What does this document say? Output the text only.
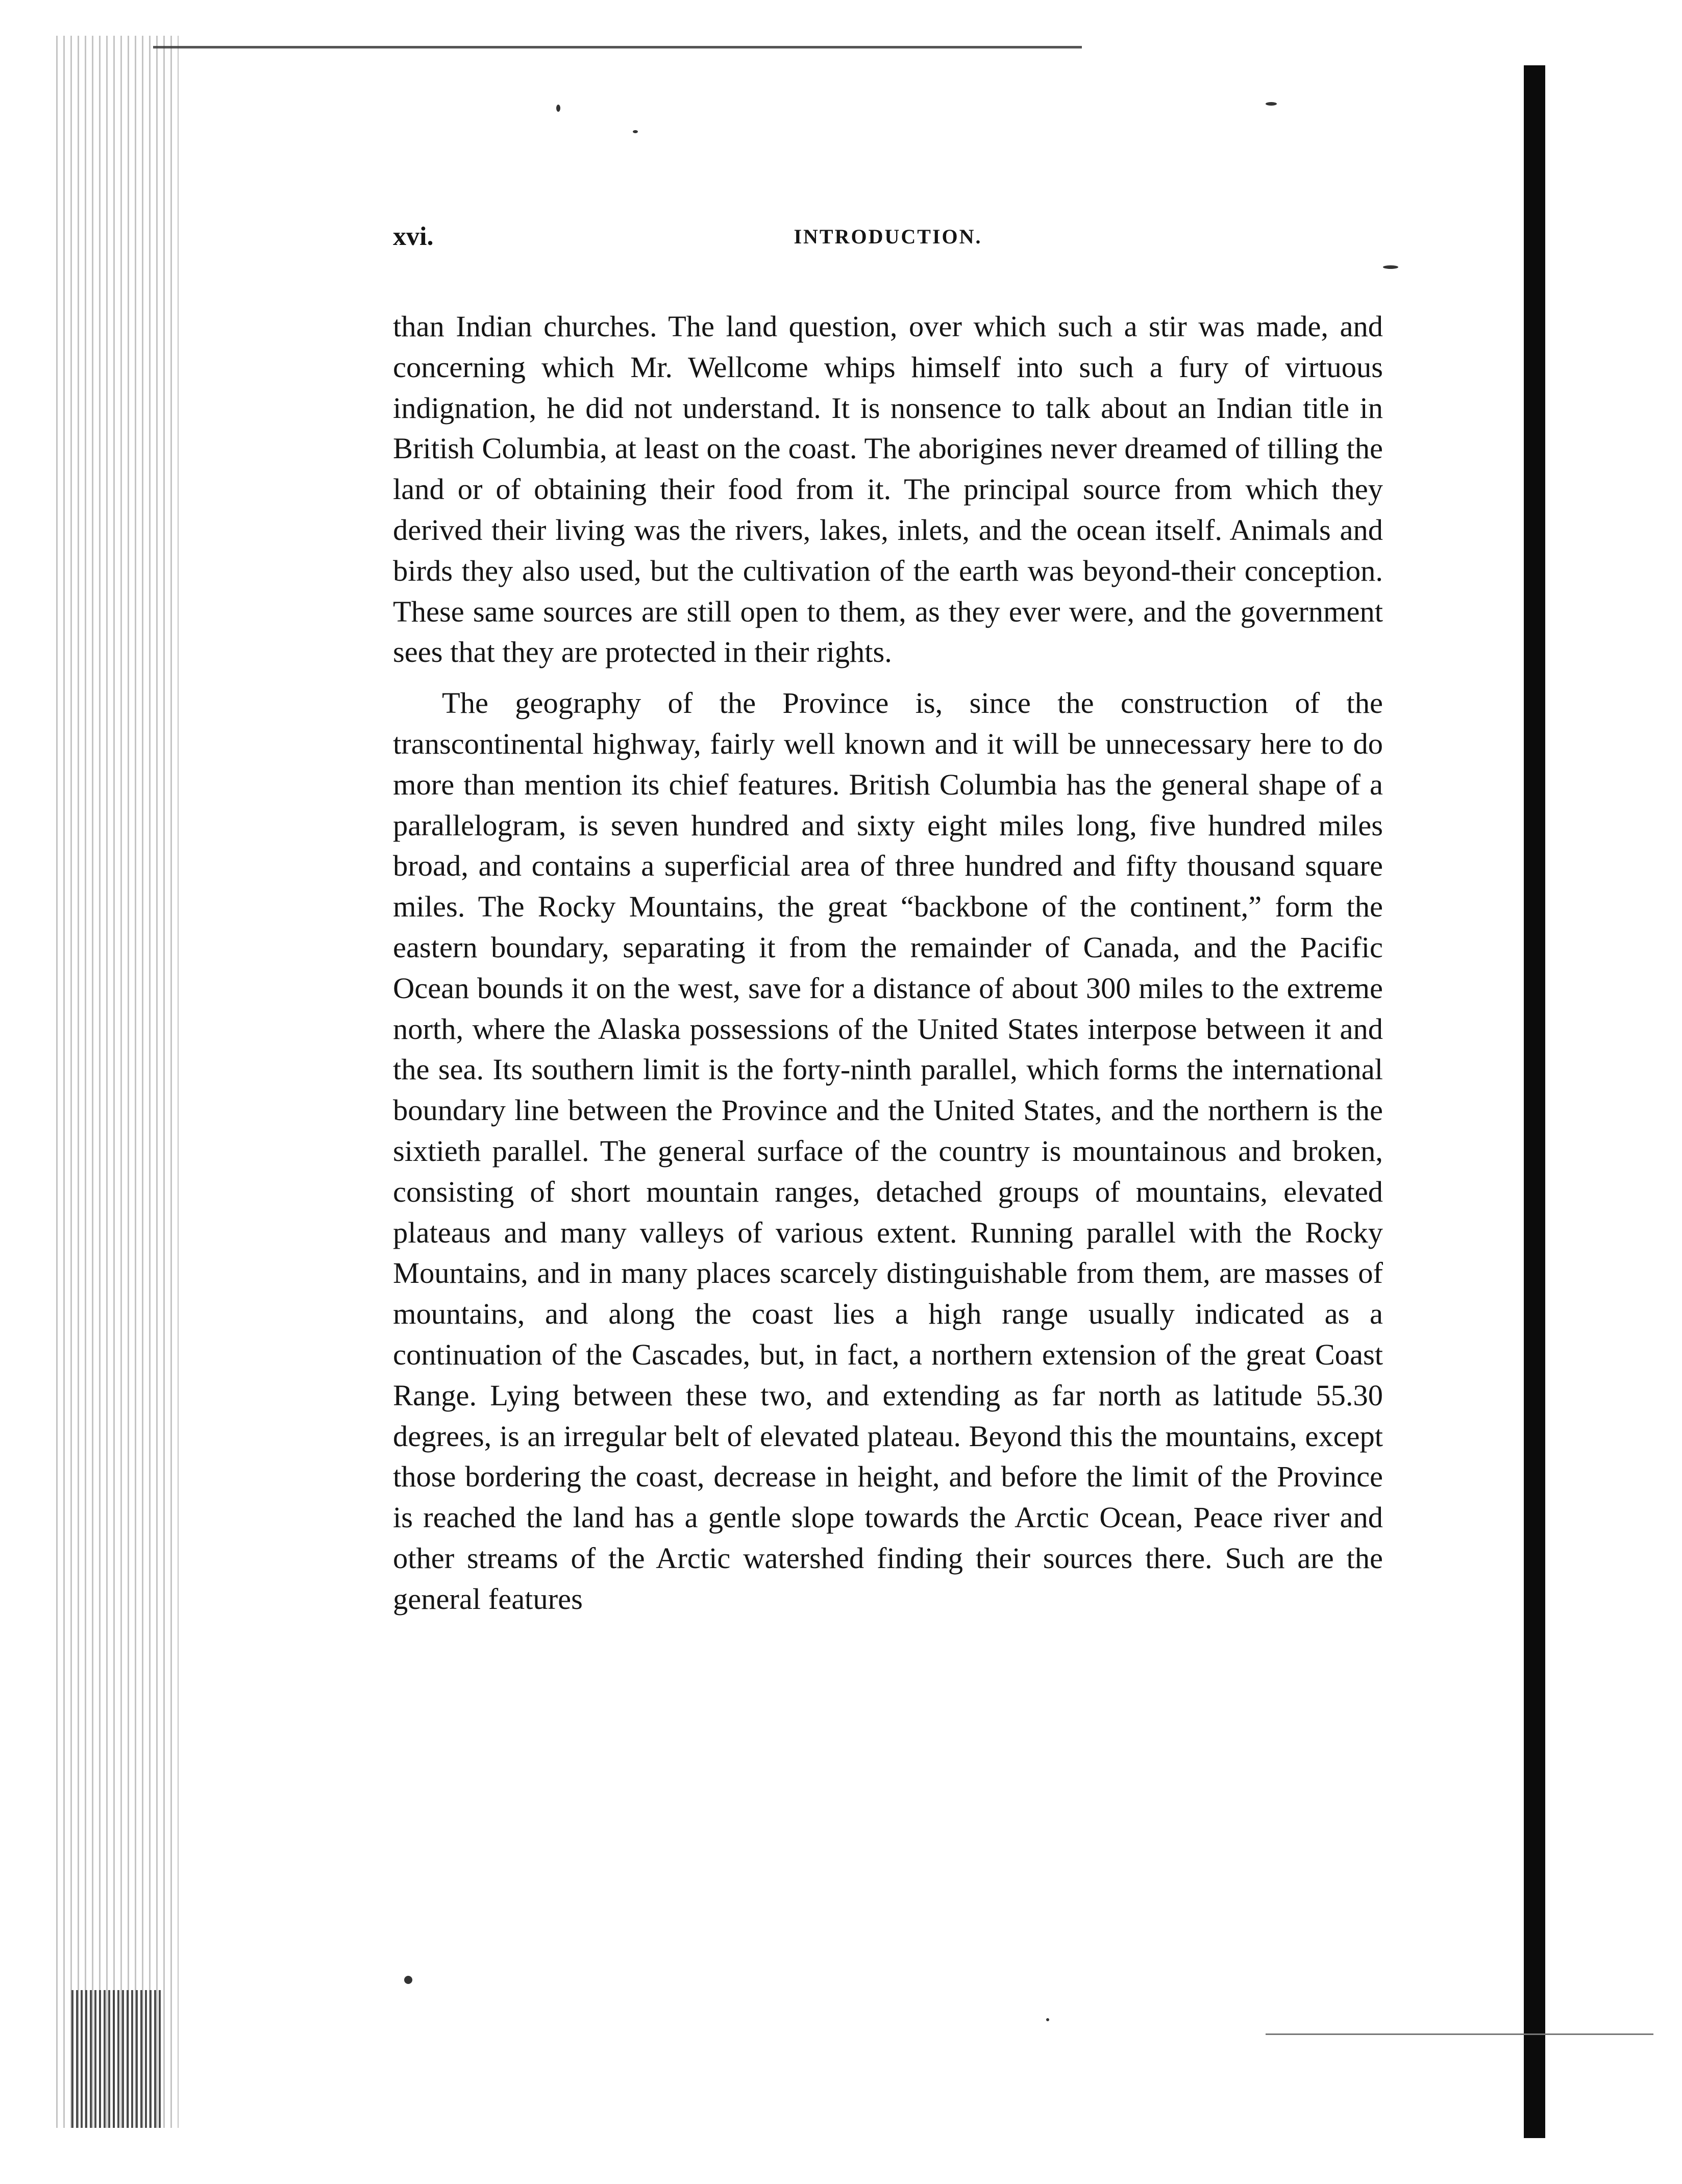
xvi.	INTRODUCTION.

than Indian churches. The land question, over which such a stir was made, and concerning which Mr. Wellcome whips himself into such a fury of virtuous indignation, he did not understand. It is nonsence to talk about an Indian title in British Columbia, at least on the coast. The aborigines never dreamed of tilling the land or of obtaining their food from it. The principal source from which they derived their living was the rivers, lakes, inlets, and the ocean itself. Animals and birds they also used, but the cultivation of the earth was beyond-their conception. These same sources are still open to them, as they ever were, and the government sees that they are protected in their rights.

The geography of the Province is, since the construction of the transcontinental highway, fairly well known and it will be unnecessary here to do more than mention its chief features. British Columbia has the general shape of a parallelogram, is seven hundred and sixty eight miles long, five hundred miles broad, and contains a superficial area of three hundred and fifty thousand square miles. The Rocky Mountains, the great “backbone of the continent,” form the eastern boundary, separating it from the remainder of Canada, and the Pacific Ocean bounds it on the west, save for a distance of about 300 miles to the extreme north, where the Alaska possessions of the United States interpose between it and the sea. Its southern limit is the forty-ninth parallel, which forms the international boundary line between the Province and the United States, and the northern is the sixtieth parallel. The general surface of the country is mountainous and broken, consisting of short mountain ranges, detached groups of mountains, elevated plateaus and many valleys of various extent. Running parallel with the Rocky Mountains, and in many places scarcely distinguishable from them, are masses of mountains, and along the coast lies a high range usually indicated as a continuation of the Cascades, but, in fact, a northern extension of the great Coast Range. Lying between these two, and extending as far north as latitude 55.30 degrees, is an irregular belt of elevated plateau. Beyond this the mountains, except those bordering the coast, decrease in height, and before the limit of the Province is reached the land has a gentle slope towards the Arctic Ocean, Peace river and other streams of the Arctic watershed finding their sources there. Such are the general features
